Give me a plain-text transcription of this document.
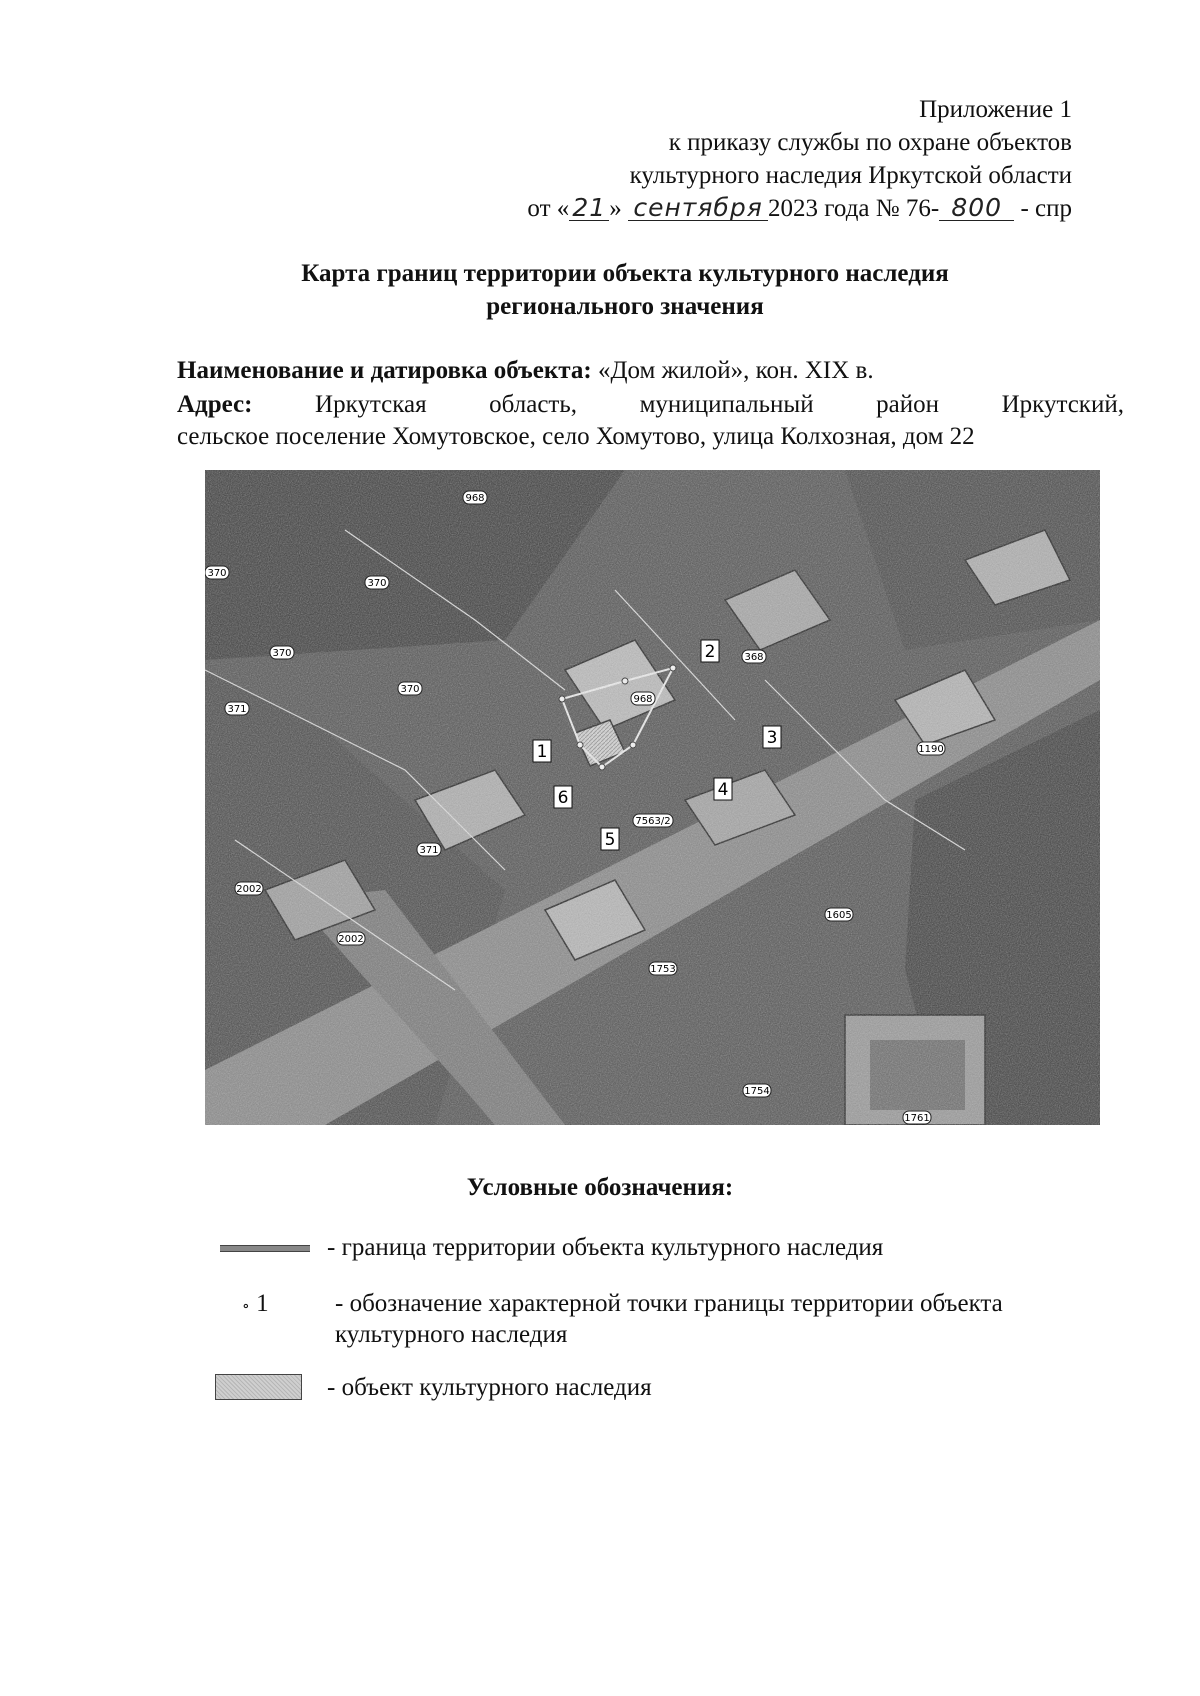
Приложение 1
к приказу службы по охране объектов
культурного наследия Иркутской области
от « 21 » сентября 2023 года № 76- 800 - спр
Карта границ территории объекта культурного наследия
регионального значения
Наименование и датировка объекта: «Дом жилой», кон. XIX в.
Адрес:	Иркутская	область,	муниципальный	район	Иркутский,
сельское поселение Хомутовское, село Хомутово, улица Колхозная, дом 22
1
2
3
4
5
6
968
370
370
370
370
371
371
368
968
7563/2
1190
2002
2002
1753
1605
1754
1761
Условные обозначения:
- граница территории объекта культурного наследия
∘ 1	- обозначение характерной точки границы территории объекта
культурного наследия
- объект культурного наследия
